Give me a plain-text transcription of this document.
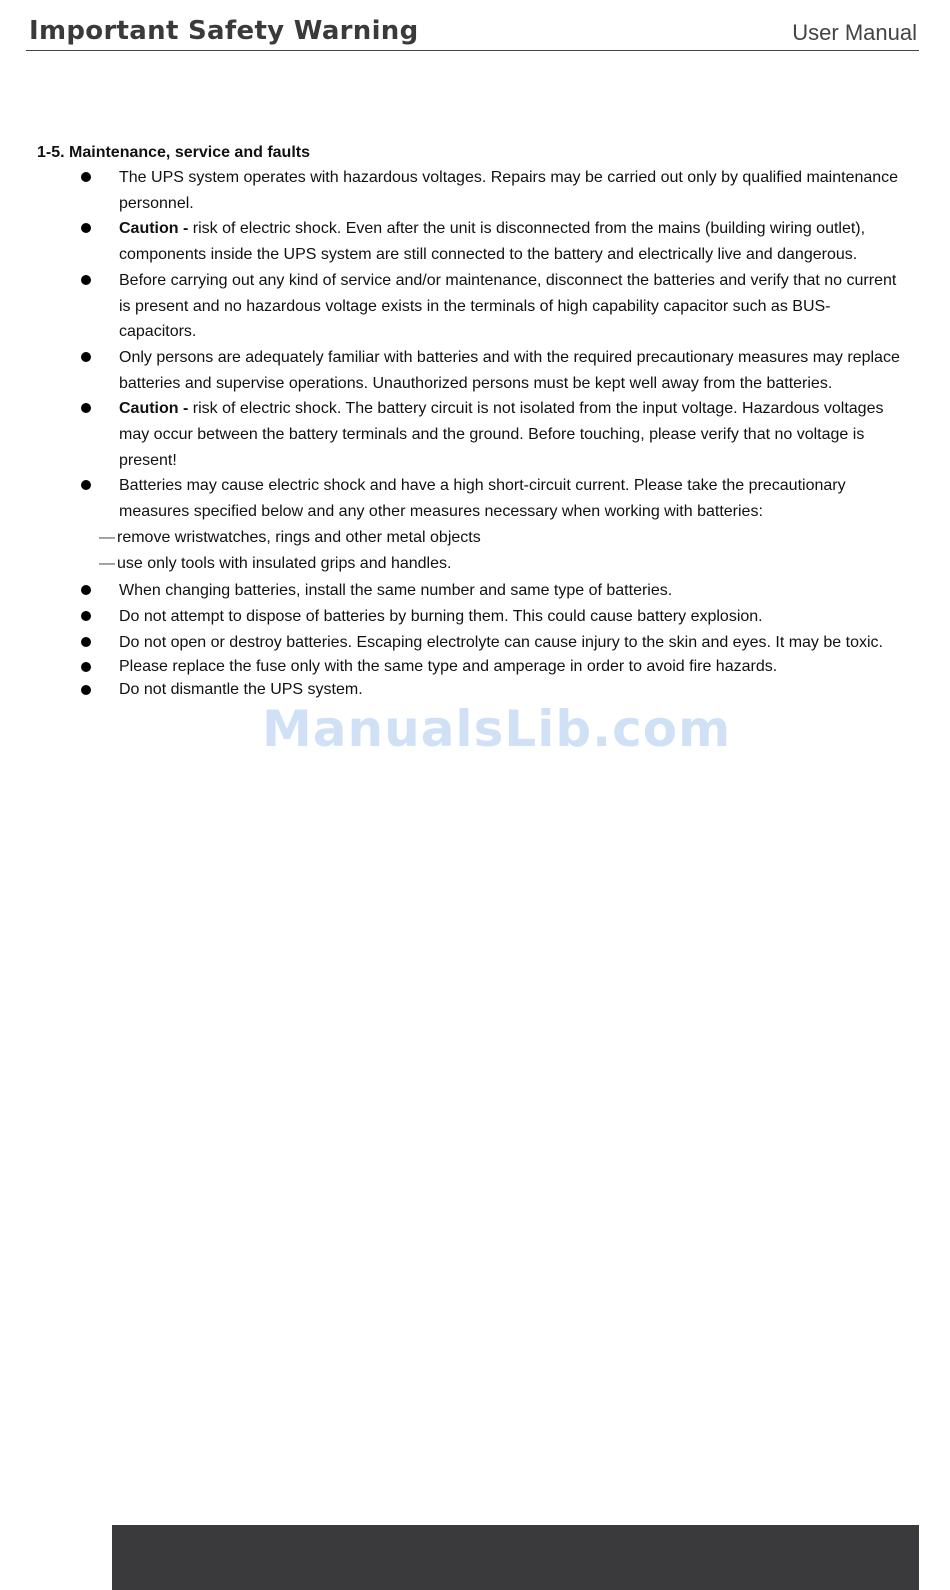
Important Safety Warning	User Manual

1-5. Maintenance, service and faults

The UPS system operates with hazardous voltages. Repairs may be carried out only by qualified maintenance personnel.
Caution - risk of electric shock. Even after the unit is disconnected from the mains (building wiring outlet), components inside the UPS system are still connected to the battery and electrically live and dangerous.
Before carrying out any kind of service and/or maintenance, disconnect the batteries and verify that no current is present and no hazardous voltage exists in the terminals of high capability capacitor such as BUS-capacitors.
Only persons are adequately familiar with batteries and with the required precautionary measures may replace batteries and supervise operations. Unauthorized persons must be kept well away from the batteries.
Caution - risk of electric shock. The battery circuit is not isolated from the input voltage. Hazardous voltages may occur between the battery terminals and the ground. Before touching, please verify that no voltage is present!
Batteries may cause electric shock and have a high short-circuit current. Please take the precautionary measures specified below and any other measures necessary when working with batteries:
— remove wristwatches, rings and other metal objects
— use only tools with insulated grips and handles.
When changing batteries, install the same number and same type of batteries.
Do not attempt to dispose of batteries by burning them. This could cause battery explosion.
Do not open or destroy batteries. Escaping electrolyte can cause injury to the skin and eyes. It may be toxic.
Please replace the fuse only with the same type and amperage in order to avoid fire hazards.
Do not dismantle the UPS system.
ManualsLib.com
